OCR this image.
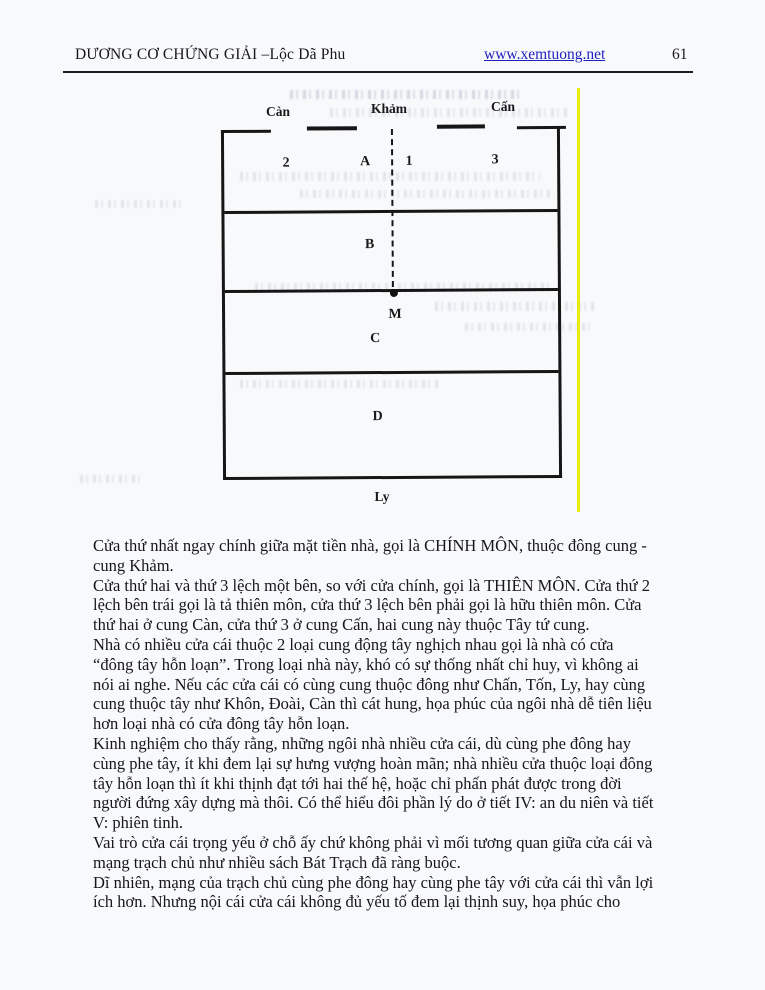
DƯƠNG CƠ CHỨNG GIẢI –Lộc Dã Phu	www.xemtuong.net	61
Càn	Khảm	Cấn
Ly
2	A	1	3
B
M
C
D
Cửa thứ nhất ngay chính giữa mặt tiền nhà, gọi là CHÍNH MÔN, thuộc đông cung -
cung Khảm.
Cửa thứ hai và thứ 3 lệch một bên, so với cửa chính, gọi là THIÊN MÔN. Cửa thứ 2
lệch bên trái gọi là tả thiên môn, cửa thứ 3 lệch bên phải gọi là hữu thiên môn. Cửa
thứ hai ở cung Càn, cửa thứ 3 ở cung Cấn, hai cung này thuộc Tây tứ cung.
Nhà có nhiều cửa cái thuộc 2 loại cung động tây nghịch nhau gọi là nhà có cửa
“đông tây hỗn loạn”. Trong loại nhà này, khó có sự thống nhất chỉ huy, vì không ai
nói ai nghe. Nếu các cửa cái có cùng cung thuộc đông như Chấn, Tốn, Ly, hay cùng
cung thuộc tây như Khôn, Đoài, Càn thì cát hung, họa phúc của ngôi nhà dễ tiên liệu
hơn loại nhà có cửa đông tây hỗn loạn.
Kinh nghiệm cho thấy rằng, những ngôi nhà nhiều cửa cái, dù cùng phe đông hay
cùng phe tây, ít khi đem lại sự hưng vượng hoàn mãn; nhà nhiều cửa thuộc loại đông
tây hỗn loạn thì ít khi thịnh đạt tới hai thế hệ, hoặc chỉ phấn phát được trong đời
người đứng xây dựng mà thôi. Có thể hiểu đôi phần lý do ở tiết IV: an du niên và tiết
V: phiên tinh.
Vai trò cửa cái trọng yếu ở chỗ ấy chứ không phải vì mối tương quan giữa cửa cái và
mạng trạch chủ như nhiều sách Bát Trạch đã ràng buộc.
Dĩ nhiên, mạng của trạch chủ cùng phe đông hay cùng phe tây với cửa cái thì vẫn lợi
ích hơn. Nhưng nội cái cửa cái không đủ yếu tố đem lại thịnh suy, họa phúc cho
